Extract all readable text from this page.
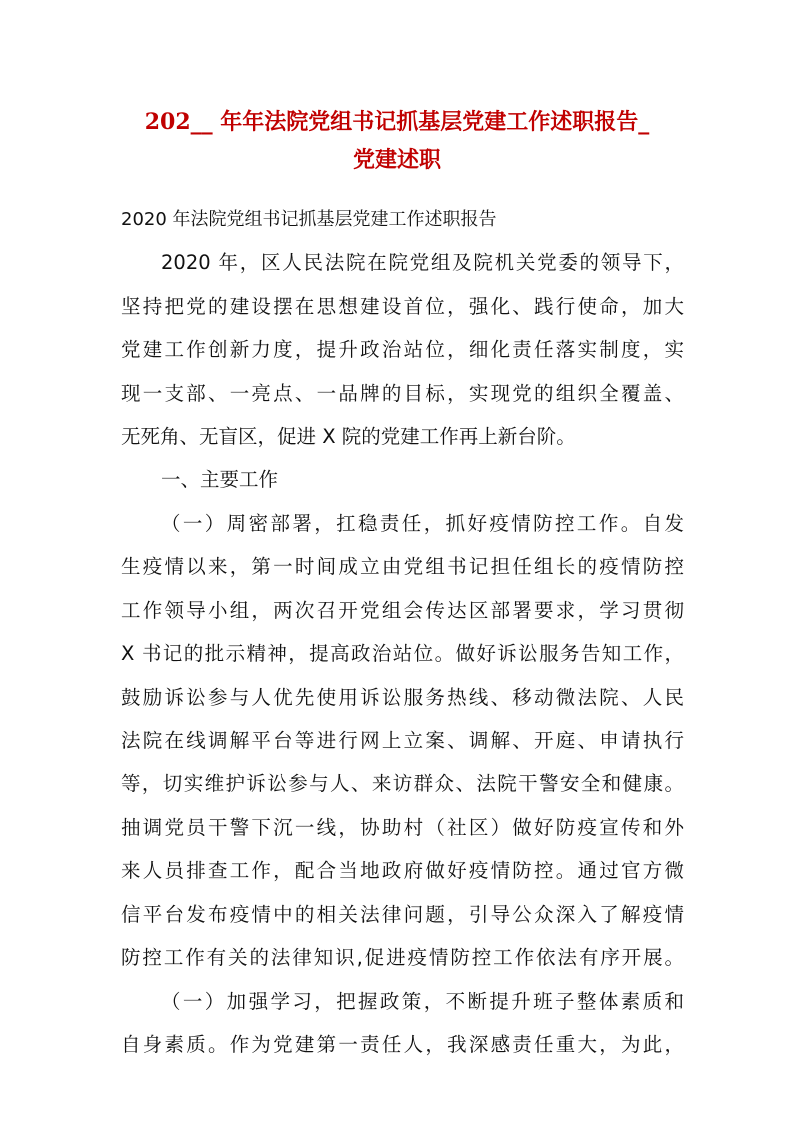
202__ 年年法院党组书记抓基层党建工作述职报告_
党建述职

2020 年法院党组书记抓基层党建工作述职报告

2020 年，区人民法院在院党组及院机关党委的领导下，

坚持把党的建设摆在思想建设首位，强化、践行使命，加大

党建工作创新力度，提升政治站位，细化责任落实制度，实

现一支部、一亮点、一品牌的目标，实现党的组织全覆盖、

无死角、无盲区，促进 X 院的党建工作再上新台阶。

一、主要工作

（一）周密部署，扛稳责任，抓好疫情防控工作。自发

生疫情以来，第一时间成立由党组书记担任组长的疫情防控

工作领导小组，两次召开党组会传达区部署要求，学习贯彻

X 书记的批示精神，提高政治站位。做好诉讼服务告知工作，

鼓励诉讼参与人优先使用诉讼服务热线、移动微法院、人民

法院在线调解平台等进行网上立案、调解、开庭、申请执行

等，切实维护诉讼参与人、来访群众、法院干警安全和健康。

抽调党员干警下沉一线，协助村（社区）做好防疫宣传和外

来人员排查工作，配合当地政府做好疫情防控。通过官方微

信平台发布疫情中的相关法律问题，引导公众深入了解疫情

防控工作有关的法律知识,促进疫情防控工作依法有序开展。

（一）加强学习，把握政策，不断提升班子整体素质和

自身素质。作为党建第一责任人，我深感责任重大，为此，
